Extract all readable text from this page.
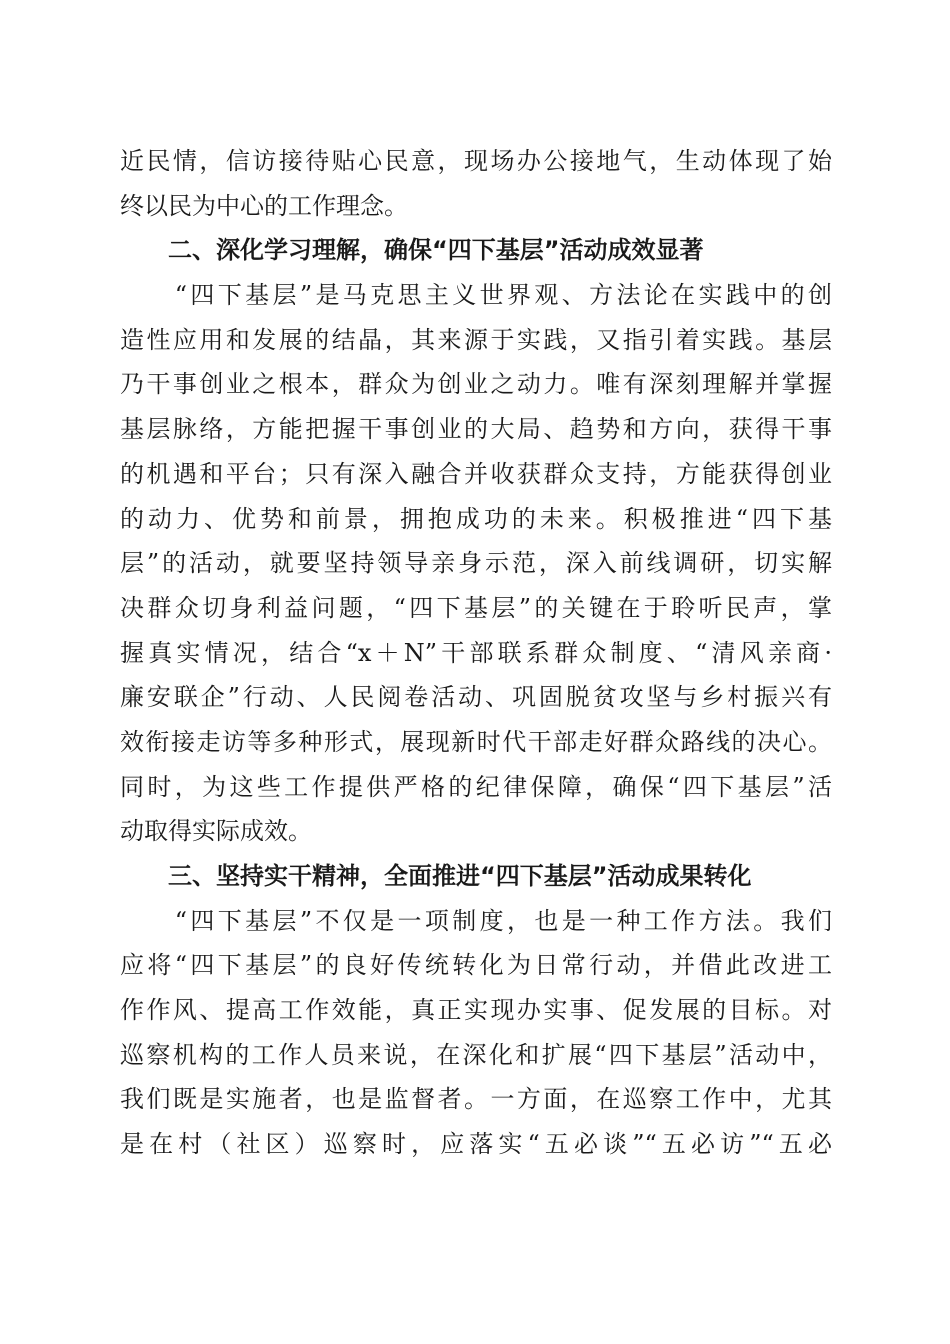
近民情，信访接待贴心民意，现场办公接地气，生动体现了始
终以民为中心的工作理念。
二、深化学习理解，确保“四下基层”活动成效显著
　　“四下基层”是马克思主义世界观、方法论在实践中的创
造性应用和发展的结晶，其来源于实践，又指引着实践。基层
乃干事创业之根本，群众为创业之动力。唯有深刻理解并掌握
基层脉络，方能把握干事创业的大局、趋势和方向，获得干事
的机遇和平台；只有深入融合并收获群众支持，方能获得创业
的动力、优势和前景，拥抱成功的未来。积极推进“四下基
层”的活动，就要坚持领导亲身示范，深入前线调研，切实解
决群众切身利益问题，“四下基层”的关键在于聆听民声，掌
握真实情况，结合“x＋N”干部联系群众制度、“清风亲商·
廉安联企”行动、人民阅卷活动、巩固脱贫攻坚与乡村振兴有
效衔接走访等多种形式，展现新时代干部走好群众路线的决心。
同时，为这些工作提供严格的纪律保障，确保“四下基层”活
动取得实际成效。
三、坚持实干精神，全面推进“四下基层”活动成果转化
　　“四下基层”不仅是一项制度，也是一种工作方法。我们
应将“四下基层”的良好传统转化为日常行动，并借此改进工
作作风、提高工作效能，真正实现办实事、促发展的目标。对
巡察机构的工作人员来说，在深化和扩展“四下基层”活动中，
我们既是实施者，也是监督者。一方面，在巡察工作中，尤其
是在村（社区）巡察时，应落实“五必谈”“五必访”“五必
